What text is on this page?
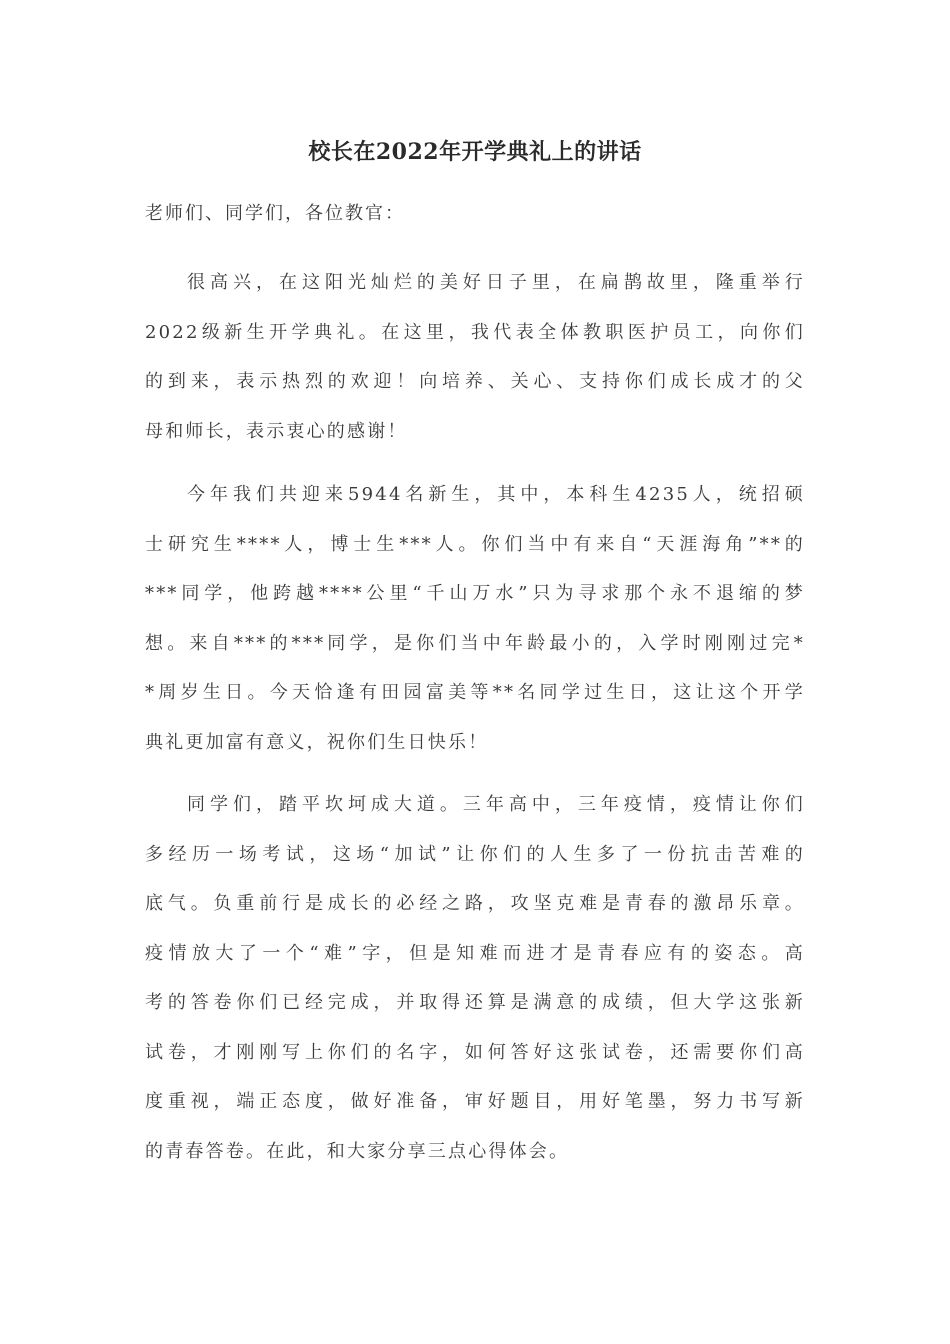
校长在2022年开学典礼上的讲话

老师们、同学们，各位教官：

很高兴，在这阳光灿烂的美好日子里，在扁鹊故里，隆重举行
2022级新生开学典礼。在这里，我代表全体教职医护员工，向你们
的到来，表示热烈的欢迎！向培养、关心、支持你们成长成才的父
母和师长，表示衷心的感谢！
今年我们共迎来5944名新生，其中，本科生4235人，统招硕
士研究生****人，博士生***人。你们当中有来自“天涯海角”**的
***同学，他跨越****公里“千山万水”只为寻求那个永不退缩的梦
想。来自***的***同学，是你们当中年龄最小的，入学时刚刚过完*
*周岁生日。今天恰逢有田园富美等**名同学过生日，这让这个开学
典礼更加富有意义，祝你们生日快乐！
同学们，踏平坎坷成大道。三年高中，三年疫情，疫情让你们
多经历一场考试，这场“加试”让你们的人生多了一份抗击苦难的
底气。负重前行是成长的必经之路，攻坚克难是青春的激昂乐章。
疫情放大了一个“难”字，但是知难而进才是青春应有的姿态。高
考的答卷你们已经完成，并取得还算是满意的成绩，但大学这张新
试卷，才刚刚写上你们的名字，如何答好这张试卷，还需要你们高
度重视，端正态度，做好准备，审好题目，用好笔墨，努力书写新
的青春答卷。在此，和大家分享三点心得体会。
